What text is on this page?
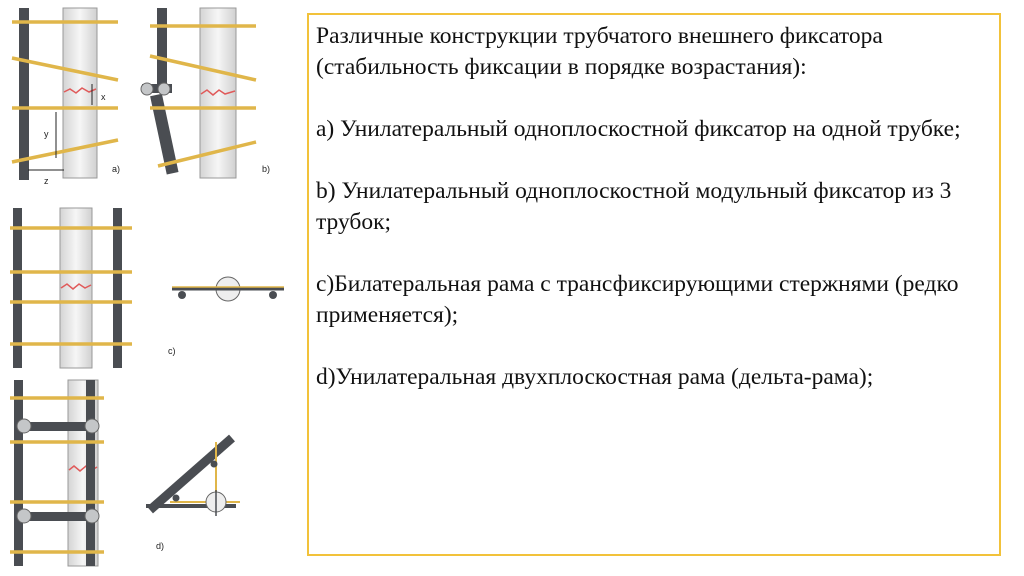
x
y
z
a)	b)
c)
d)

Различные конструкции трубчатого внешнего фиксатора (стабильность фиксации в порядке возрастания):

a) Унилатеральный одноплоскостной фиксатор на одной трубке;

b) Унилатеральный одноплоскостной модульный фиксатор из 3 трубок;

c)Билатеральная рама с трансфиксирующими стержнями (редко применяется);

d)Унилатеральная двухплоскостная рама (дельта-рама);
